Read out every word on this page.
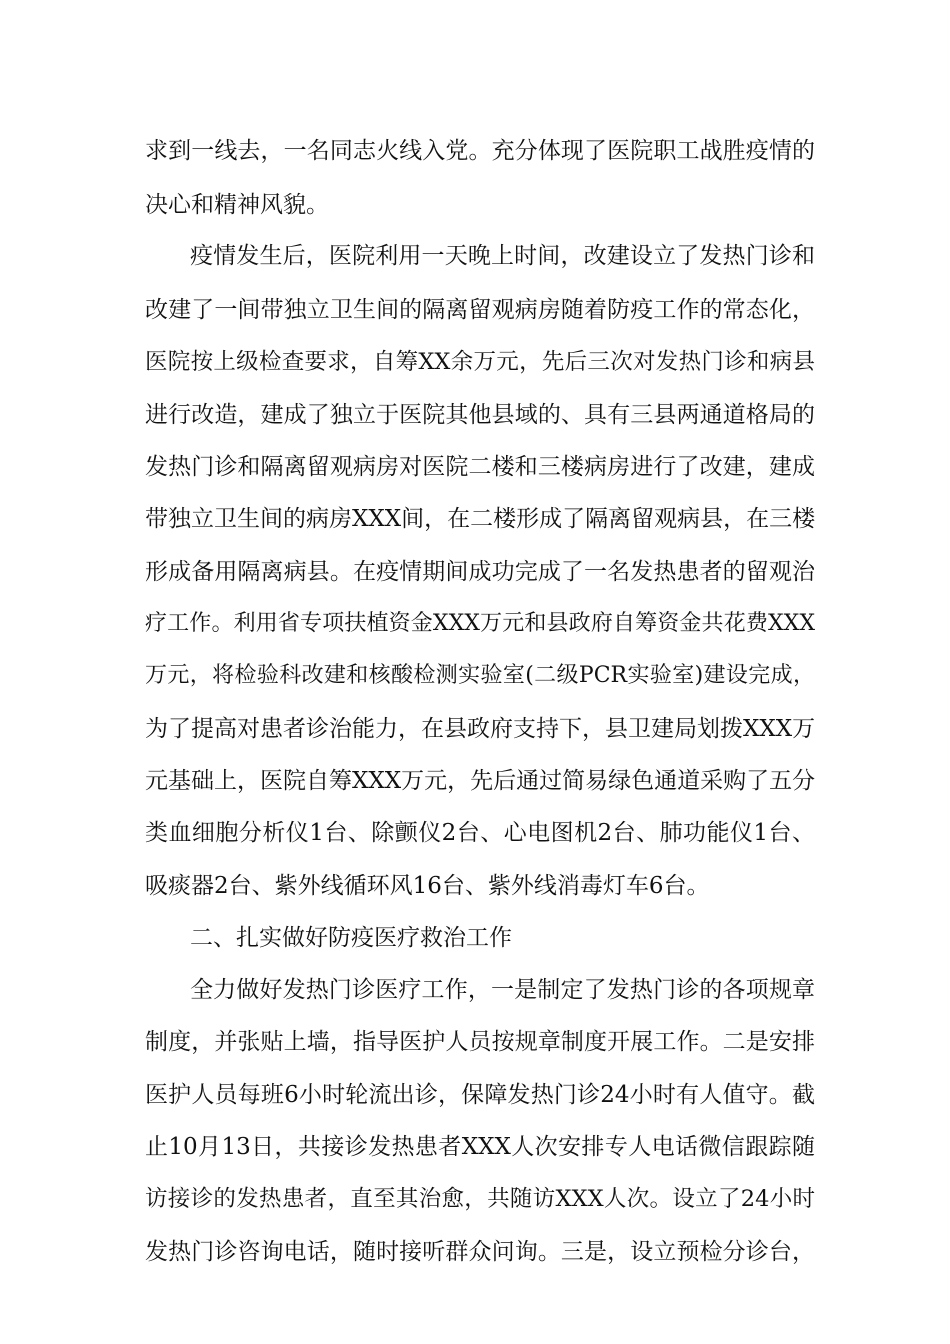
求到一线去，一名同志火线入党。充分体现了医院职工战胜疫情的
决心和精神风貌。
疫情发生后，医院利用一天晚上时间，改建设立了发热门诊和
改建了一间带独立卫生间的隔离留观病房随着防疫工作的常态化，
医院按上级检查要求，自筹XX余万元，先后三次对发热门诊和病县
进行改造，建成了独立于医院其他县域的、具有三县两通道格局的
发热门诊和隔离留观病房对医院二楼和三楼病房进行了改建，建成
带独立卫生间的病房XXX间，在二楼形成了隔离留观病县，在三楼
形成备用隔离病县。在疫情期间成功完成了一名发热患者的留观治
疗工作。利用省专项扶植资金XXX万元和县政府自筹资金共花费XXX
万元，将检验科改建和核酸检测实验室(二级PCR实验室)建设完成，
为了提高对患者诊治能力，在县政府支持下，县卫建局划拨XXX万
元基础上，医院自筹XXX万元，先后通过简易绿色通道采购了五分
类血细胞分析仪1台、除颤仪2台、心电图机2台、肺功能仪1台、
吸痰器2台、紫外线循环风16台、紫外线消毒灯车6台。
二、扎实做好防疫医疗救治工作
全力做好发热门诊医疗工作，一是制定了发热门诊的各项规章
制度，并张贴上墙，指导医护人员按规章制度开展工作。二是安排
医护人员每班6小时轮流出诊，保障发热门诊24小时有人值守。截
止10月13日，共接诊发热患者XXX人次安排专人电话微信跟踪随
访接诊的发热患者，直至其治愈，共随访XXX人次。设立了24小时
发热门诊咨询电话，随时接听群众问询。三是，设立预检分诊台，
